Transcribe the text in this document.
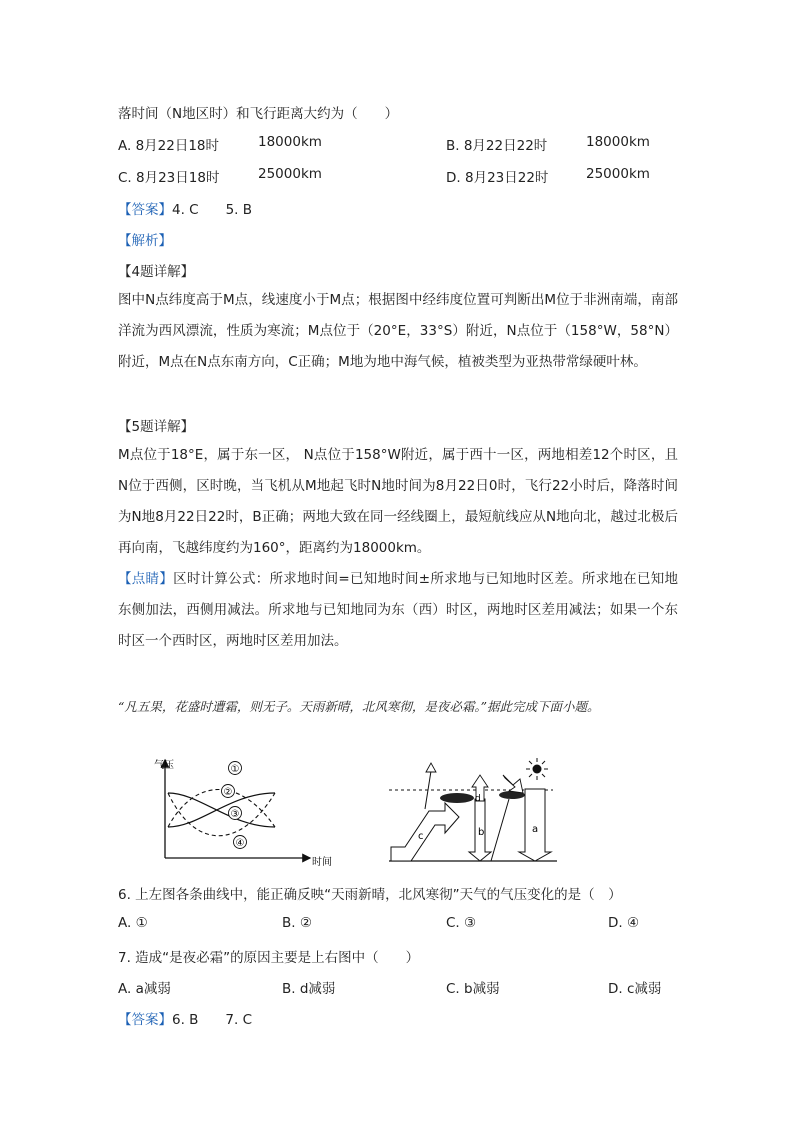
落时间（N地区时）和飞行距离大约为（　　）
A. 8月22日18时	18000km	B. 8月22日22时	18000km
C. 8月23日18时	25000km	D. 8月23日22时	25000km
【答案】4. C　　5. B
【解析】
【4题详解】
图中N点纬度高于M点，线速度小于M点；根据图中经纬度位置可判断出M位于非洲南端，南部洋流为西风漂流，性质为寒流；M点位于（20°E，33°S）附近，N点位于（158°W，58°N）附近，M点在N点东南方向，C正确；M地为地中海气候，植被类型为亚热带常绿硬叶林。
【5题详解】
M点位于18°E，属于东一区， N点位于158°W附近，属于西十一区，两地相差12个时区，且N位于西侧，区时晚，当飞机从M地起飞时N地时间为8月22日0时，飞行22小时后，降落时间为N地8月22日22时，B正确；两地大致在同一经线圈上，最短航线应从N地向北，越过北极后再向南，飞越纬度约为160°，距离约为18000km。
【点睛】区时计算公式：所求地时间=已知地时间±所求地与已知地时区差。所求地在已知地东侧加法，西侧用减法。所求地与已知地同为东（西）时区，两地时区差用减法；如果一个东时区一个西时区，两地时区差用加法。
“凡五果，花盛时遭霜，则无子。天雨新晴，北风寒彻，是夜必霜。”据此完成下面小题。
气压
时间
①
②
③
④
a
b
d
c
6. 上左图各条曲线中，能正确反映“天雨新晴，北风寒彻”天气的气压变化的是（　）
A. ①	B. ②	C. ③	D. ④
7. 造成“是夜必霜”的原因主要是上右图中（　　）
A. a减弱	B. d减弱	C. b减弱	D. c减弱
【答案】6. B　　7. C
